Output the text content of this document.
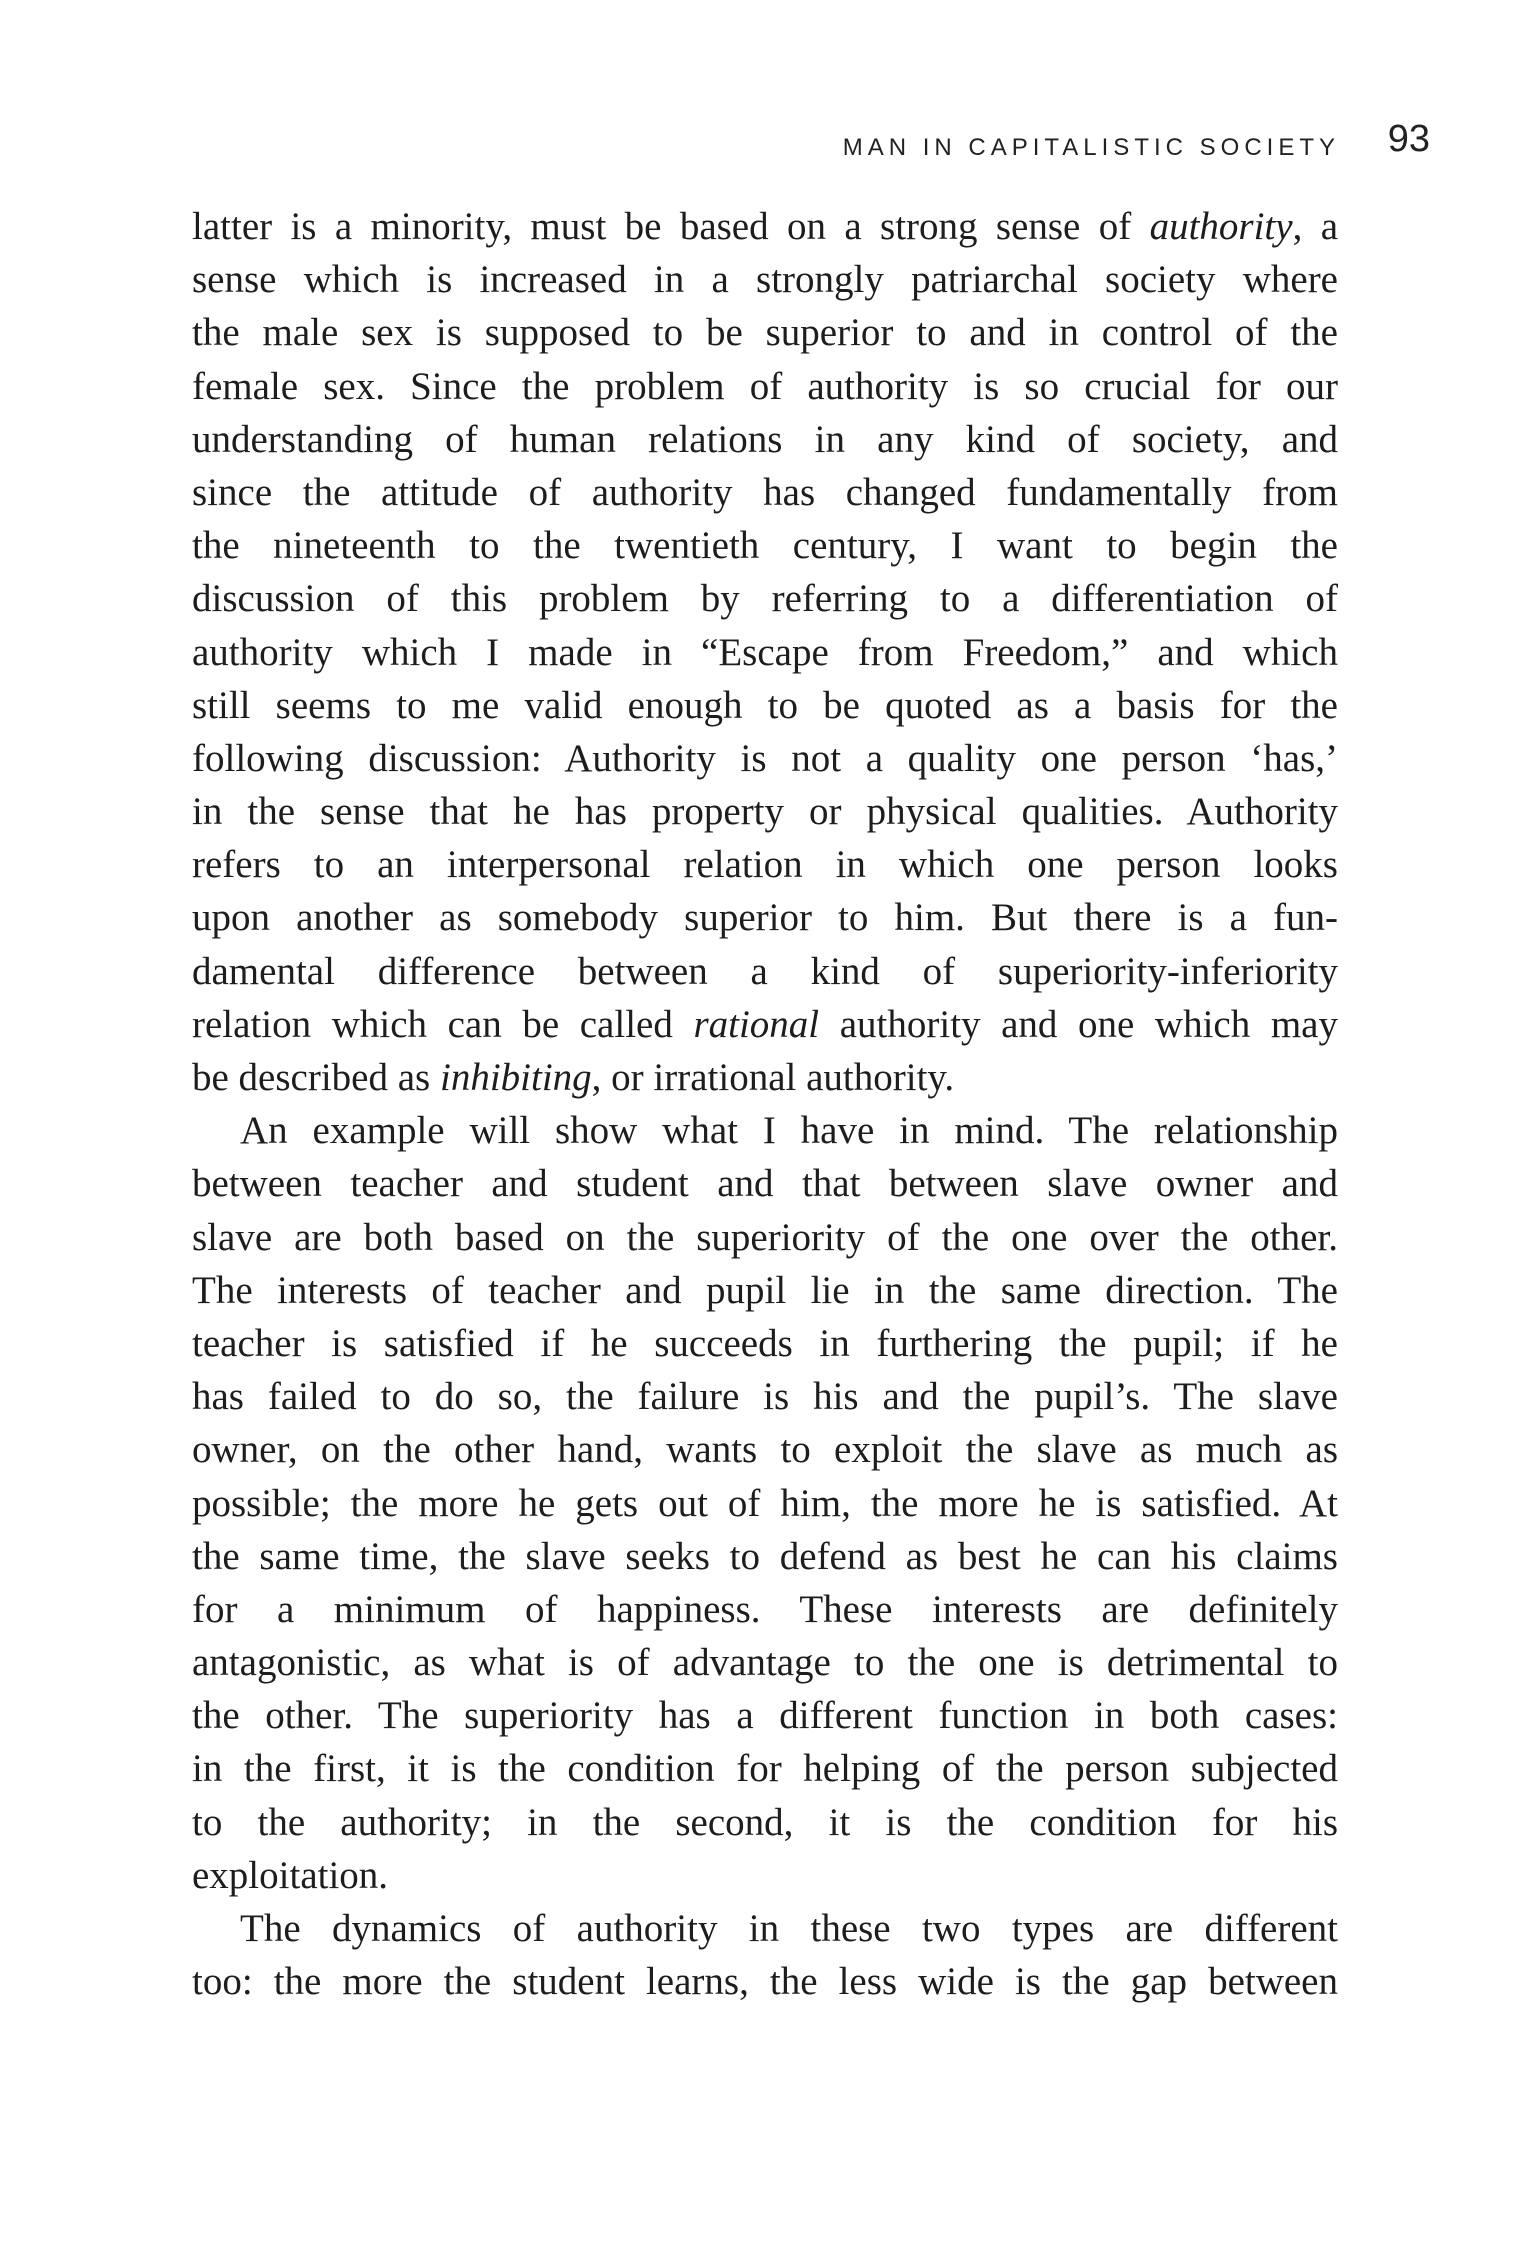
MAN IN CAPITALISTIC SOCIETY 93
latter is a minority, must be based on a strong sense of authority, a
sense which is increased in a strongly patriarchal society where
the male sex is supposed to be superior to and in control of the
female sex. Since the problem of authority is so crucial for our
understanding of human relations in any kind of society, and
since the attitude of authority has changed fundamentally from
the nineteenth to the twentieth century, I want to begin the
discussion of this problem by referring to a differentiation of
authority which I made in “Escape from Freedom,” and which
still seems to me valid enough to be quoted as a basis for the
following discussion: Authority is not a quality one person ‘has,’
in the sense that he has property or physical qualities. Authority
refers to an interpersonal relation in which one person looks
upon another as somebody superior to him. But there is a fun-
damental difference between a kind of superiority-inferiority
relation which can be called rational authority and one which may
be described as inhibiting, or irrational authority.
An example will show what I have in mind. The relationship
between teacher and student and that between slave owner and
slave are both based on the superiority of the one over the other.
The interests of teacher and pupil lie in the same direction. The
teacher is satisfied if he succeeds in furthering the pupil; if he
has failed to do so, the failure is his and the pupil’s. The slave
owner, on the other hand, wants to exploit the slave as much as
possible; the more he gets out of him, the more he is satisfied. At
the same time, the slave seeks to defend as best he can his claims
for a minimum of happiness. These interests are definitely
antagonistic, as what is of advantage to the one is detrimental to
the other. The superiority has a different function in both cases:
in the first, it is the condition for helping of the person subjected
to the authority; in the second, it is the condition for his
exploitation.
The dynamics of authority in these two types are different
too: the more the student learns, the less wide is the gap between
